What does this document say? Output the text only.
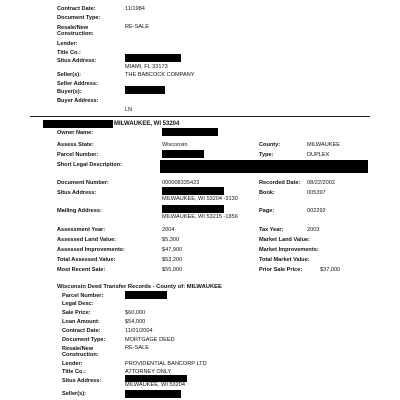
Contract Date:	11/1984
Document Type:
Resale/New
Construction:
RE-SALE
Lender:
Title Co.:
Situs Address:
MIAMI, FL 33173
Seller(s):	THE BABCOCK COMPANY
Seller Address:
Buyer(s):
Buyer Address:
LN
MILWAUKEE, WI 53204
Owner Name:
Assess State:	Wisconsin	County:	MILWAUKEE
Parcel Number:	Type:	DUPLEX
Short Legal Description:
Document Number:	000008335423	Recorded Date: 08/22/2002
Situs Address:
MILWAUKEE, WI 53204 -3130
Book:	005397
Mailing Address:
MILWAUKEE, WI 53215 -1856
Page:	002292
Assessment Year:	2004	Tax Year:	2003
Assessed Land Value:	$5,300	Market Land Value:
Assessed Improvements:	$47,900	Market Improvements:
Total Assessed Value:	$53,200	Total Market Value:
Most Recent Sale:	$55,000	Prior Sale Price:	$37,000
Wisconsin Deed Transfer Records - County of: MILWAUKEE
Parcel Number:
Legal Desc:
Sale Price:	$60,000
Loan Amount:	$54,000
Contract Date:	11/01/2004
Document Type:	MORTGAGE DEED
Resale/New
Construction:
RE-SALE
Lender:	PROVIDENTIAL BANCORP LTD
Title Co.:	ATTORNEY ONLY
Situs Address:
MILWAUKEE, WI 53204
Seller(s):
